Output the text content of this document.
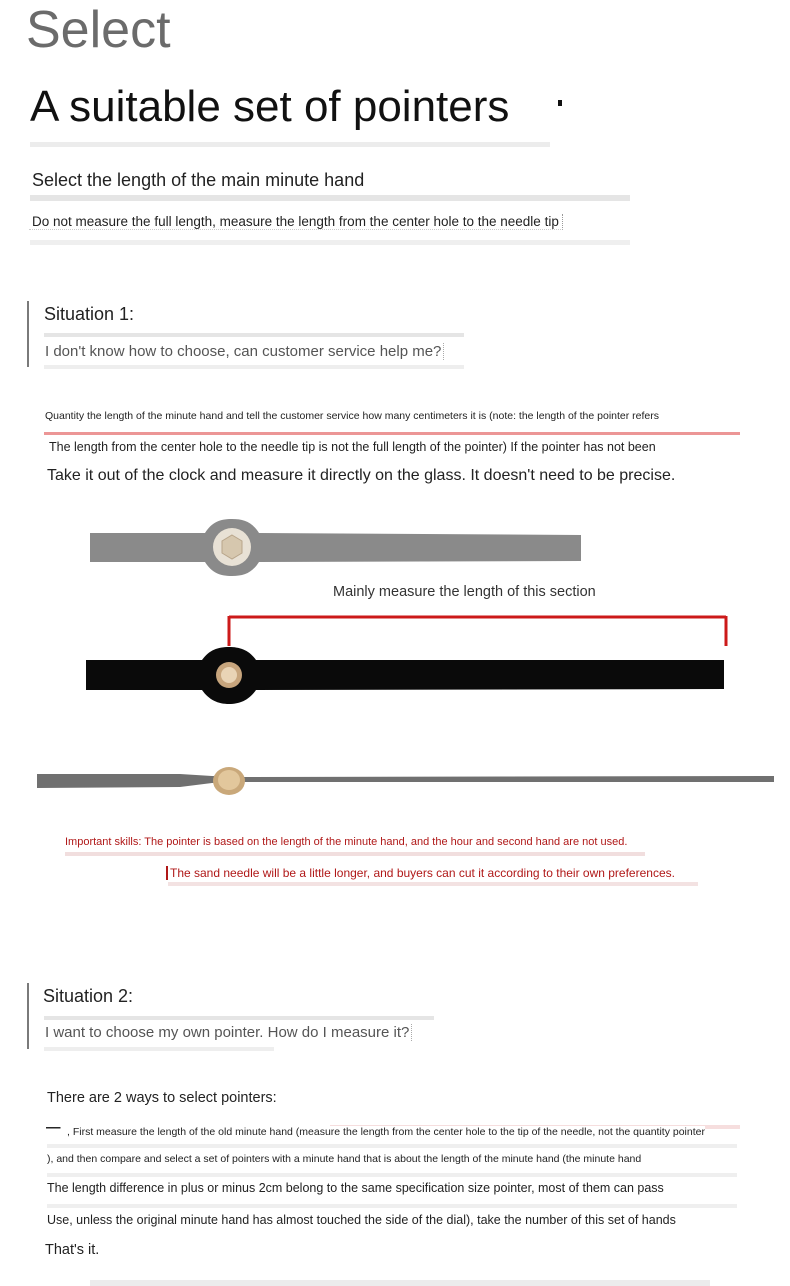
Select
A suitable set of pointers
Select the length of the main minute hand
Do not measure the full length, measure the length from the center hole to the needle tip
Situation 1:
I don't know how to choose, can customer service help me?
Quantity the length of the minute hand and tell the customer service how many centimeters it is (note: the length of the pointer refers
The length from the center hole to the needle tip is not the full length of the pointer) If the pointer has not been
Take it out of the clock and measure it directly on the glass. It doesn't need to be precise.
Mainly measure the length of this section
Important skills: The pointer is based on the length of the minute hand, and the hour and second hand are not used.
The sand needle will be a little longer, and buyers can cut it according to their own preferences.
Situation 2:
I want to choose my own pointer. How do I measure it?
There are 2 ways to select pointers:
— , First measure the length of the old minute hand (measure the length from the center hole to the tip of the needle, not the quantity pointer
), and then compare and select a set of pointers with a minute hand that is about the length of the minute hand (the minute hand
The length difference in plus or minus 2cm belong to the same specification size pointer, most of them can pass
Use, unless the original minute hand has almost touched the side of the dial), take the number of this set of hands
That's it.
